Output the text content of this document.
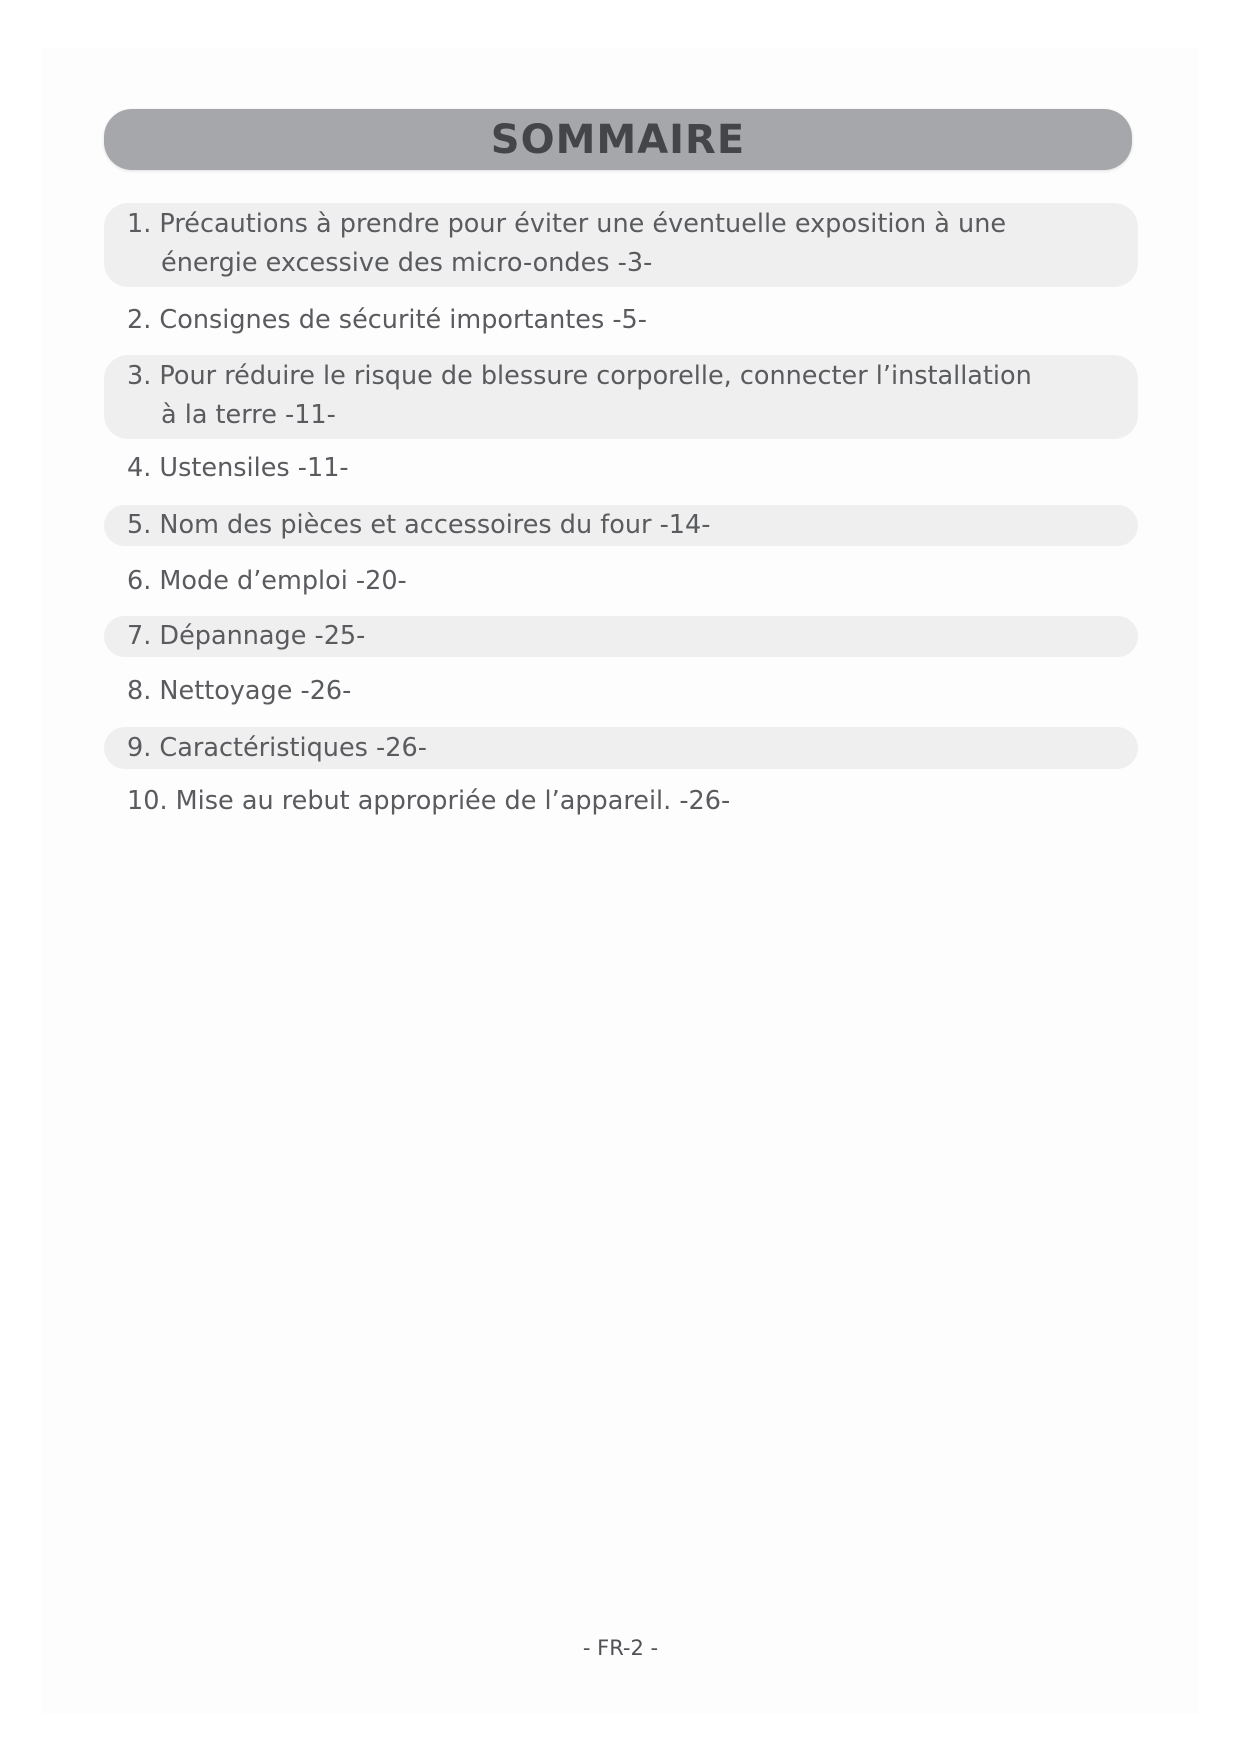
SOMMAIRE
1. Précautions à prendre pour éviter une éventuelle exposition à une
énergie excessive des micro-ondes -3-
2. Consignes de sécurité importantes -5-
3. Pour réduire le risque de blessure corporelle, connecter l’installation
à la terre -11-
4. Ustensiles -11-
5. Nom des pièces et accessoires du four -14-
6. Mode d’emploi -20-
7. Dépannage -25-
8. Nettoyage -26-
9. Caractéristiques -26-
10. Mise au rebut appropriée de l’appareil. -26-
- FR-2 -
